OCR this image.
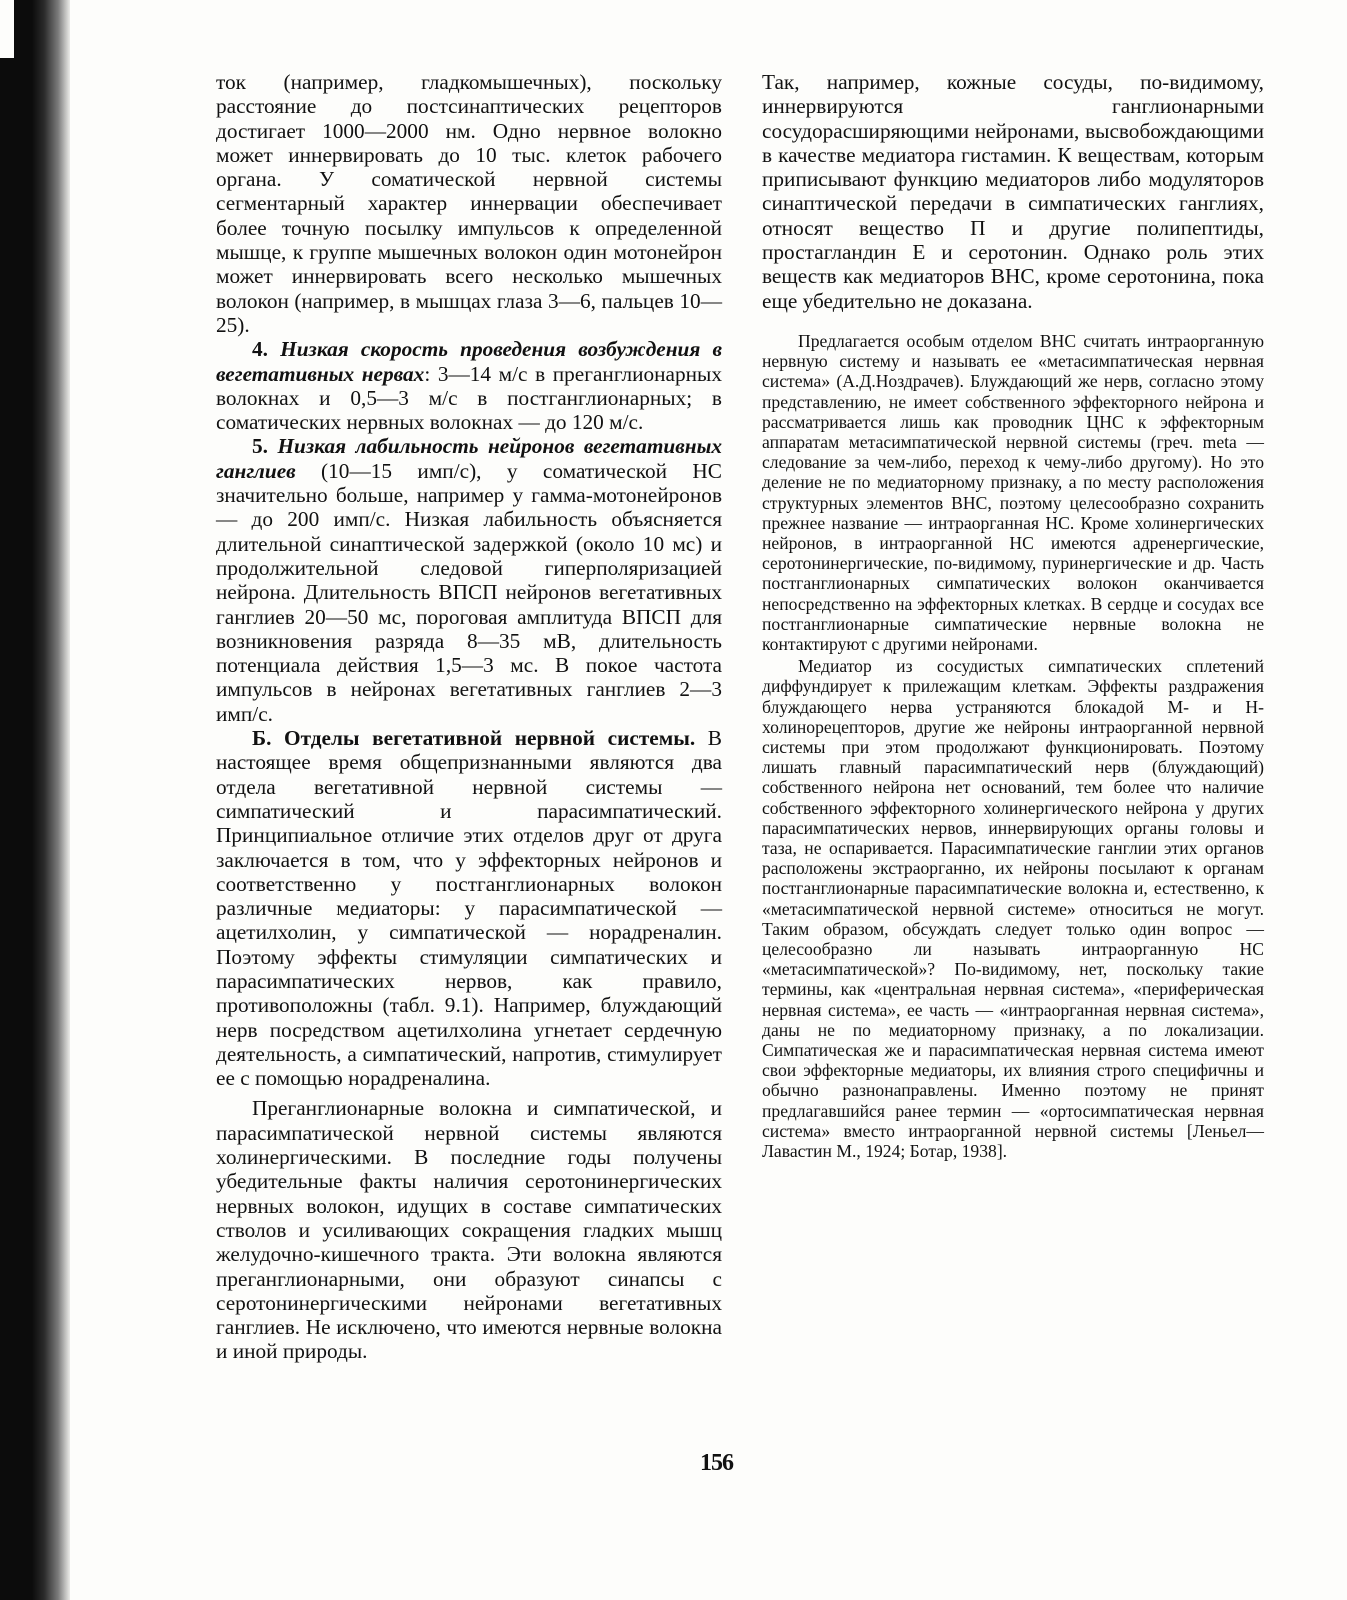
ток (например, гладкомышечных), поскольку расстояние до постсинаптических рецепторов достигает 1000—2000 нм. Одно нервное волокно может иннервировать до 10 тыс. клеток рабочего органа. У соматической нервной системы сегментарный характер иннервации обеспечивает более точную посылку импульсов к определенной мышце, к группе мышечных волокон один мотонейрон может иннервировать всего несколько мышечных волокон (например, в мышцах глаза 3—6, пальцев 10—25).

4. Низкая скорость проведения возбуждения в вегетативных нервах: 3—14 м/с в преганглионарных волокнах и 0,5—3 м/с в постганглионарных; в соматических нервных волокнах — до 120 м/с.

5. Низкая лабильность нейронов вегетативных ганглиев (10—15 имп/с), у соматической НС значительно больше, например у гамма-мотонейронов — до 200 имп/с. Низкая лабильность объясняется длительной синаптической задержкой (около 10 мс) и продолжительной следовой гиперполяризацией нейрона. Длительность ВПСП нейронов вегетативных ганглиев 20—50 мс, пороговая амплитуда ВПСП для возникновения разряда 8—35 мВ, длительность потенциала действия 1,5—3 мс. В покое частота импульсов в нейронах вегетативных ганглиев 2—3 имп/с.

Б. Отделы вегетативной нервной системы. В настоящее время общепризнанными являются два отдела вегетативной нервной системы — симпатический и парасимпатический. Принципиальное отличие этих отделов друг от друга заключается в том, что у эффекторных нейронов и соответственно у постганглионарных волокон различные медиаторы: у парасимпатической — ацетилхолин, у симпатической — норадреналин. Поэтому эффекты стимуляции симпатических и парасимпатических нервов, как правило, противоположны (табл. 9.1). Например, блуждающий нерв посредством ацетилхолина угнетает сердечную деятельность, а симпатический, напротив, стимулирует ее с помощью норадреналина.

Преганглионарные волокна и симпатической, и парасимпатической нервной системы являются холинергическими. В последние годы получены убедительные факты наличия серотонинергических нервных волокон, идущих в составе симпатических стволов и усиливающих сокращения гладких мышц желудочно-кишечного тракта. Эти волокна являются преганглионарными, они образуют синапсы с серотонинергическими нейронами вегетативных ганглиев. Не исключено, что имеются нервные волокна и иной природы.

Так, например, кожные сосуды, по-видимому, иннервируются ганглионарными сосудорасширяющими нейронами, высвобождающими в качестве медиатора гистамин. К веществам, которым приписывают функцию медиаторов либо модуляторов синаптической передачи в симпатических ганглиях, относят вещество П и другие полипептиды, простагландин Е и серотонин. Однако роль этих веществ как медиаторов ВНС, кроме серотонина, пока еще убедительно не доказана.

Предлагается особым отделом ВНС считать интраорганную нервную систему и называть ее «метасимпатическая нервная система» (А.Д.Ноздрачев). Блуждающий же нерв, согласно этому представлению, не имеет собственного эффекторного нейрона и рассматривается лишь как проводник ЦНС к эффекторным аппаратам метасимпатической нервной системы (греч. meta — следование за чем-либо, переход к чему-либо другому). Но это деление не по медиаторному признаку, а по месту расположения структурных элементов ВНС, поэтому целесообразно сохранить прежнее название — интраорганная НС. Кроме холинергических нейронов, в интраорганной НС имеются адренергические, серотонинергические, по-видимому, пуринергические и др. Часть постганглионарных симпатических волокон оканчивается непосредственно на эффекторных клетках. В сердце и сосудах все постганглионарные симпатические нервные волокна не контактируют с другими нейронами.

Медиатор из сосудистых симпатических сплетений диффундирует к прилежащим клеткам. Эффекты раздражения блуждающего нерва устраняются блокадой М- и Н-холинорецепторов, другие же нейроны интраорганной нервной системы при этом продолжают функционировать. Поэтому лишать главный парасимпатический нерв (блуждающий) собственного нейрона нет оснований, тем более что наличие собственного эффекторного холинергического нейрона у других парасимпатических нервов, иннервирующих органы головы и таза, не оспаривается. Парасимпатические ганглии этих органов расположены экстраорганно, их нейроны посылают к органам постганглионарные парасимпатические волокна и, естественно, к «метасимпатической нервной системе» относиться не могут. Таким образом, обсуждать следует только один вопрос — целесообразно ли называть интраорганную НС «метасимпатической»? По-видимому, нет, поскольку такие термины, как «центральная нервная система», «периферическая нервная система», ее часть — «интраорганная нервная система», даны не по медиаторному признаку, а по локализации. Симпатическая же и парасимпатическая нервная система имеют свои эффекторные медиаторы, их влияния строго специфичны и обычно разнонаправлены. Именно поэтому не принят предлагавшийся ранее термин — «ортосимпатическая нервная система» вместо интраорганной нервной системы [Леньел—Лавастин М., 1924; Ботар, 1938].

156
